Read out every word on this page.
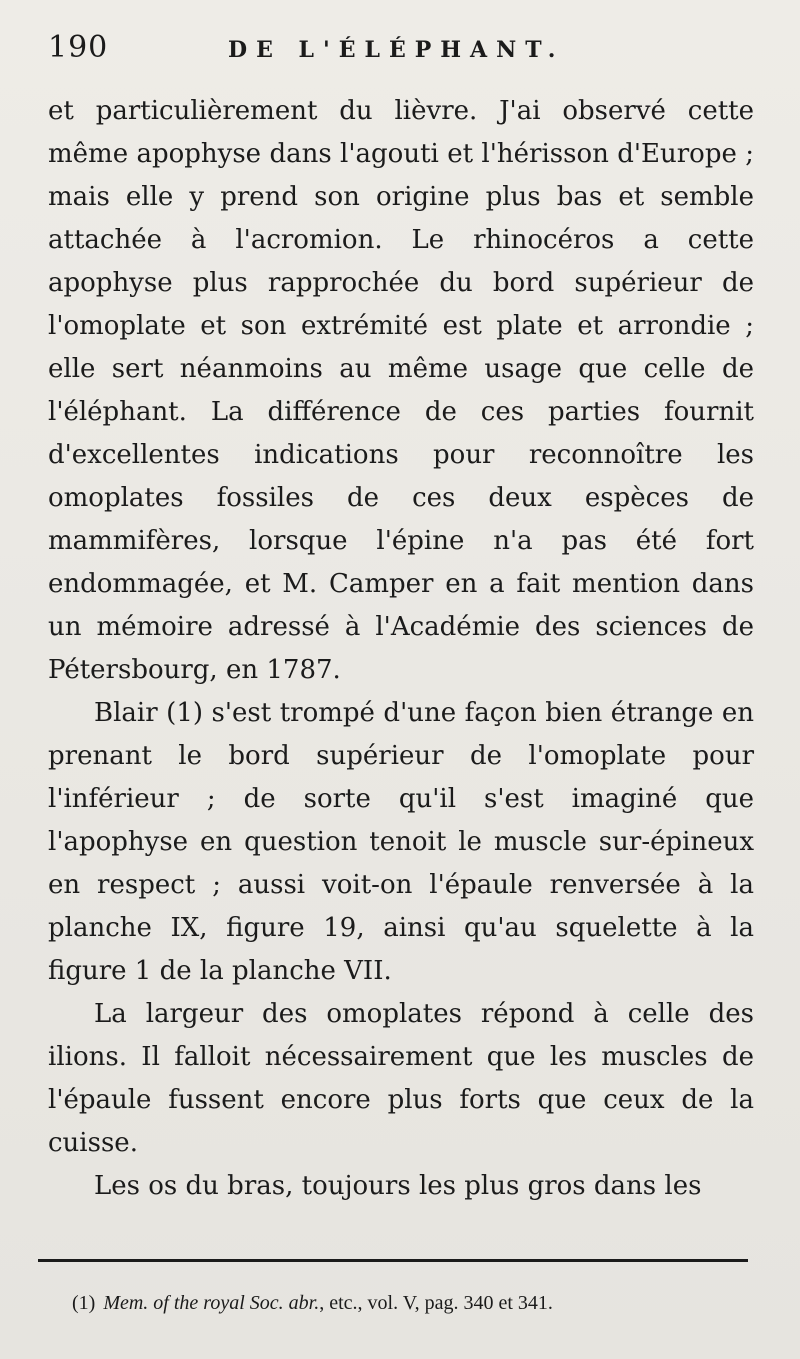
190	DE L'ÉLÉPHANT.

et particulièrement du lièvre. J'ai observé cette même apophyse dans l'agouti et l'hérisson d'Europe ; mais elle y prend son origine plus bas et semble attachée à l'acromion. Le rhinocéros a cette apophyse plus rapprochée du bord supérieur de l'omoplate et son extrémité est plate et arrondie ; elle sert néanmoins au même usage que celle de l'éléphant. La différence de ces parties fournit d'excellentes indications pour reconnoître les omoplates fossiles de ces deux espèces de mammifères, lorsque l'épine n'a pas été fort endommagée, et M. Camper en a fait mention dans un mémoire adressé à l'Académie des sciences de Pétersbourg, en 1787.

Blair (1) s'est trompé d'une façon bien étrange en prenant le bord supérieur de l'omoplate pour l'inférieur ; de sorte qu'il s'est imaginé que l'apophyse en question tenoit le muscle sur-épineux en respect ; aussi voit-on l'épaule renversée à la planche IX, figure 19, ainsi qu'au squelette à la figure 1 de la planche VII.

La largeur des omoplates répond à celle des ilions. Il falloit nécessairement que les muscles de l'épaule fussent encore plus forts que ceux de la cuisse.

Les os du bras, toujours les plus gros dans les

(1) Mem. of the royal Soc. abr., etc., vol. V, pag. 340 et 341.
